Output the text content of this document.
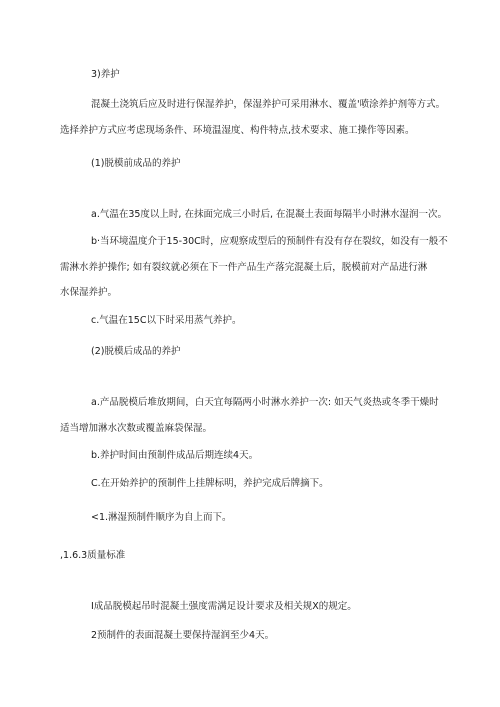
3)养护
混凝土浇筑后应及时进行保湿养护，保湿养护可采用淋水、覆盖'喷涂养护剂等方式。
选择养护方式应考虑现场条件、环境温湿度、构件特点,技术要求、施工操作等因素。
(1)脱模前成品的养护
a.气温在35度以上时, 在抹面完成三小时后, 在混凝土表面每隔半小时淋水湿润一次。
b·当环境温度介于15-30C时，应观察成型后的预制件有没有存在裂纹，如没有一般不
需淋水养护操作; 如有裂纹就必须在下一件产品生产落完混凝土后，脱模前对产品进行淋
水保湿养护。
c.气温在15C以下时采用蒸气养护。
(2)脱模后成品的养护
a.产品脱模后堆放期间，白天宜每隔两小时淋水养护一次: 如天气炎热或冬季干燥时
适当增加淋水次数或覆盖麻袋保湿。
b.养护时间由预制件成品后期连续4天。
C.在开始养护的预制件上挂牌标明，养护完成后牌摘下。
<1.淋湿预制件顺序为自上而下。
,1.6.3质量标准
I成品脱模起吊时混凝土强度需满足设计要求及相关规X的规定。
2预制件的表面混凝土要保持湿润至少4天。
